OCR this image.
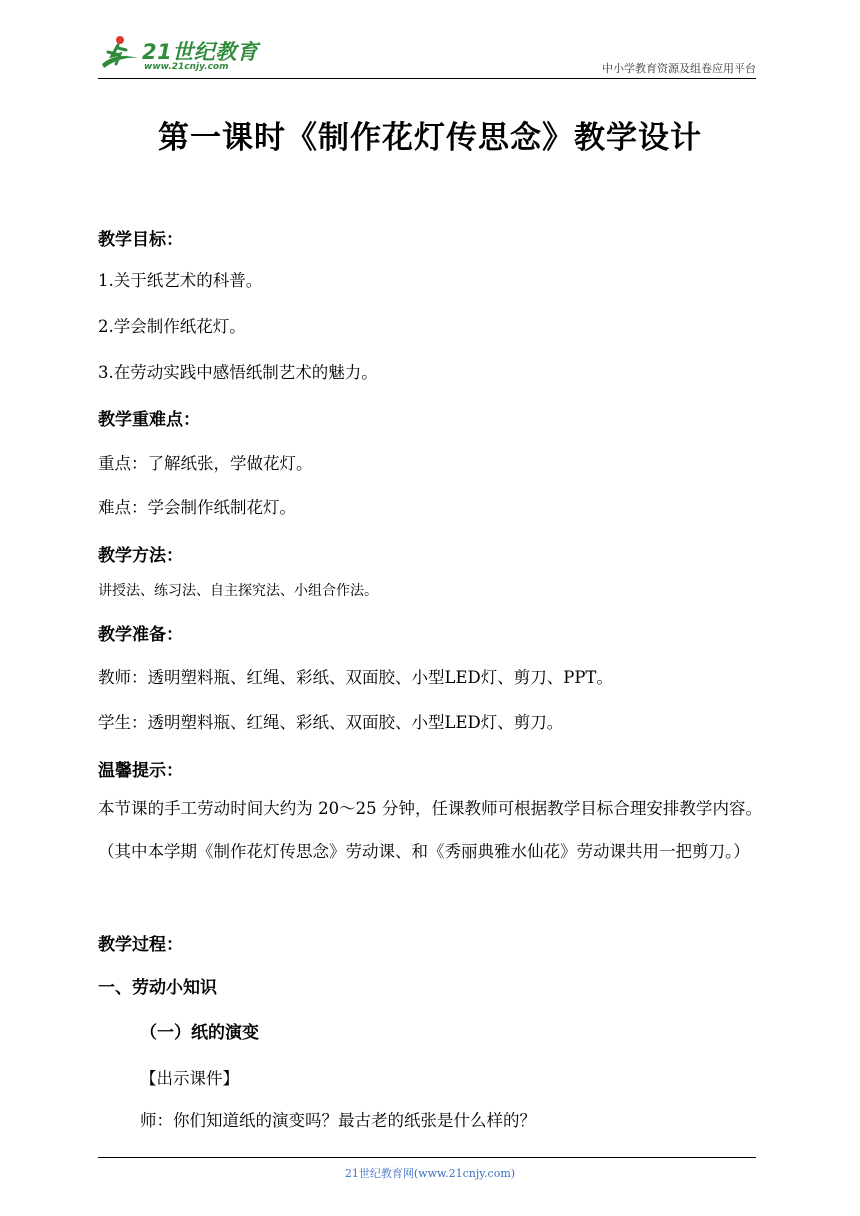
21世纪教育
www.21cnjy.com	中小学教育资源及组卷应用平台
第一课时《制作花灯传思念》教学设计
教学目标：
1.关于纸艺术的科普。
2.学会制作纸花灯。
3.在劳动实践中感悟纸制艺术的魅力。
教学重难点：
重点：了解纸张，学做花灯。
难点：学会制作纸制花灯。
教学方法：
讲授法、练习法、自主探究法、小组合作法。
教学准备：
教师：透明塑料瓶、红绳、彩纸、双面胶、小型LED灯、剪刀、PPT。
学生：透明塑料瓶、红绳、彩纸、双面胶、小型LED灯、剪刀。
温馨提示：
本节课的手工劳动时间大约为 20～25 分钟，任课教师可根据教学目标合理安排教学内容。（其中本学期《制作花灯传思念》劳动课、和《秀丽典雅水仙花》劳动课共用一把剪刀。）
教学过程：
一、劳动小知识
（一）纸的演变
【出示课件】
师：你们知道纸的演变吗？最古老的纸张是什么样的？
21世纪教育网(www.21cnjy.com)
